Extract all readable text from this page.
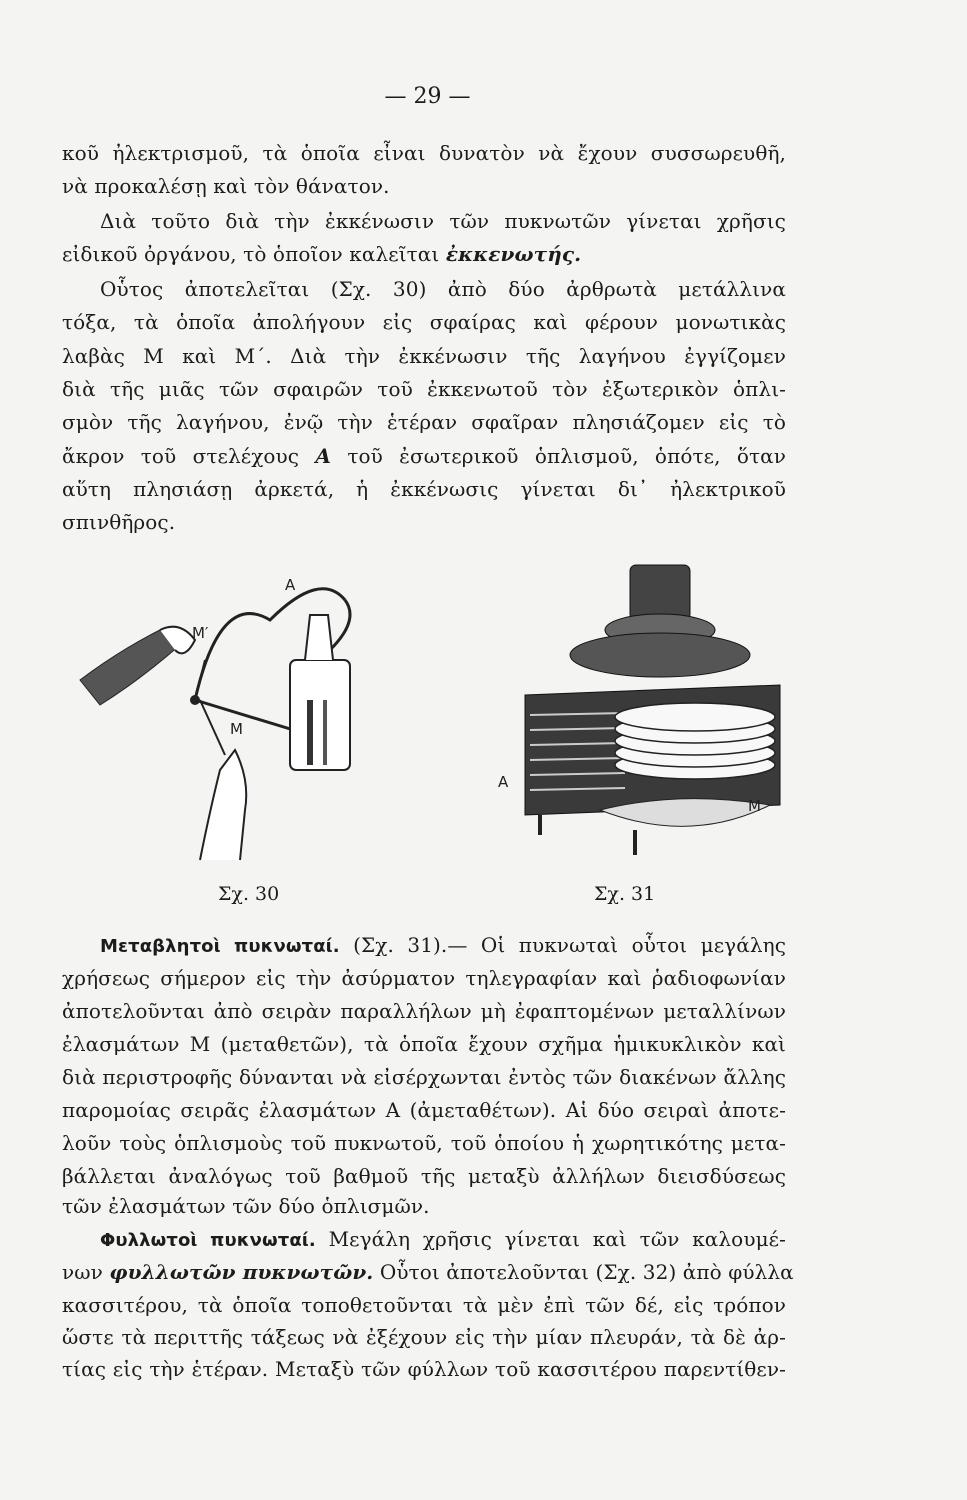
— 29 —
κοῦ ἠλεκτρισμοῦ, τὰ ὁποῖα εἶναι δυνατὸν νὰ ἔχουν συσσωρευθῆ,
νὰ προκαλέσῃ καὶ τὸν θάνατον.
Διὰ τοῦτο διὰ τὴν ἐκκένωσιν τῶν πυκνωτῶν γίνεται χρῆσις
εἰδικοῦ ὀργάνου, τὸ ὁποῖον καλεῖται ἐκκενωτής.
Οὗτος ἀποτελεῖται (Σχ. 30) ἀπὸ δύο ἀρθρωτὰ μετάλλινα
τόξα, τὰ ὁποῖα ἀπολήγουν εἰς σφαίρας καὶ φέρουν μονωτικὰς
λαβὰς M καὶ M΄. Διὰ τὴν ἐκκένωσιν τῆς λαγήνου ἐγγίζομεν
διὰ τῆς μιᾶς τῶν σφαιρῶν τοῦ ἐκκενωτοῦ τὸν ἐξωτερικὸν ὁπλι-
σμὸν τῆς λαγήνου, ἐνῷ τὴν ἑτέραν σφαῖραν πλησιάζομεν εἰς τὸ
ἄκρον τοῦ στελέχους A τοῦ ἐσωτερικοῦ ὁπλισμοῦ, ὁπότε, ὅταν
αὕτη πλησιάσῃ ἀρκετά, ἡ ἐκκένωσις γίνεται δι᾽ ἠλεκτρικοῦ
σπινθῆρος.
A
M′
M
Σχ. 30
A
M
Σχ. 31
Μεταβλητοὶ πυκνωταί. (Σχ. 31).— Οἱ πυκνωταὶ οὗτοι μεγάλης
χρήσεως σήμερον εἰς τὴν ἀσύρματον τηλεγραφίαν καὶ ῥαδιοφωνίαν
ἀποτελοῦνται ἀπὸ σειρὰν παραλλήλων μὴ ἐφαπτομένων μεταλλίνων
ἐλασμάτων M (μεταθετῶν), τὰ ὁποῖα ἔχουν σχῆμα ἡμικυκλικὸν καὶ
διὰ περιστροφῆς δύνανται νὰ εἰσέρχωνται ἐντὸς τῶν διακένων ἄλλης
παρομοίας σειρᾶς ἐλασμάτων A (ἀμεταθέτων). Αἱ δύο σειραὶ ἀποτε-
λοῦν τοὺς ὁπλισμοὺς τοῦ πυκνωτοῦ, τοῦ ὁποίου ἡ χωρητικότης μετα-
βάλλεται ἀναλόγως τοῦ βαθμοῦ τῆς μεταξὺ ἀλλήλων διεισδύσεως
τῶν ἐλασμάτων τῶν δύο ὁπλισμῶν.
Φυλλωτοὶ πυκνωταί. Μεγάλη χρῆσις γίνεται καὶ τῶν καλουμέ-
νων φυλλωτῶν πυκνωτῶν. Οὗτοι ἀποτελοῦνται (Σχ. 32) ἀπὸ φύλλα
κασσιτέρου, τὰ ὁποῖα τοποθετοῦνται τὰ μὲν ἐπὶ τῶν δέ, εἰς τρόπον
ὥστε τὰ περιττῆς τάξεως νὰ ἐξέχουν εἰς τὴν μίαν πλευράν, τὰ δὲ ἀρ-
τίας εἰς τὴν ἑτέραν. Μεταξὺ τῶν φύλλων τοῦ κασσιτέρου παρεντίθεν-
